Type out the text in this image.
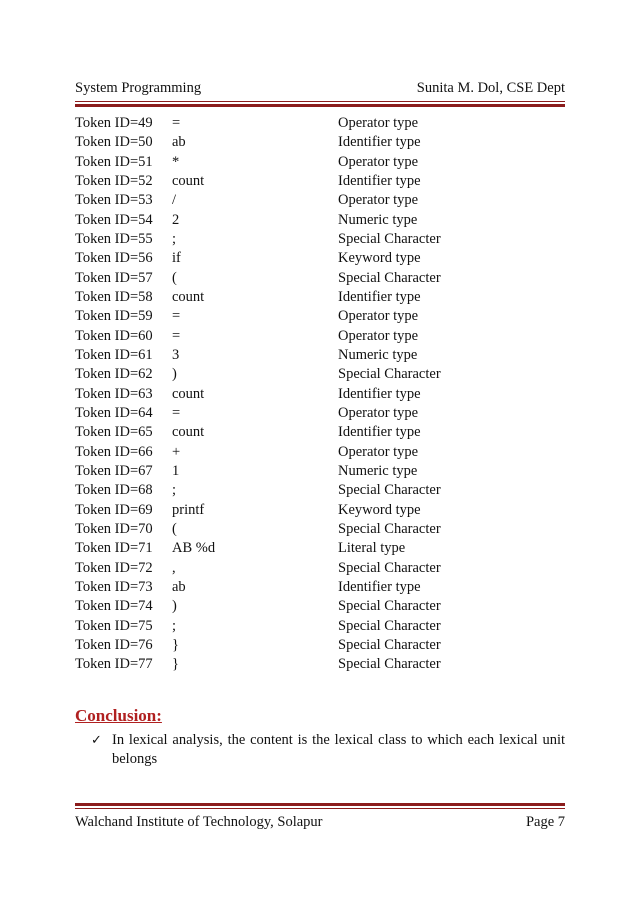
System Programming	Sunita M. Dol, CSE Dept
Token ID=49 =	Operator type
Token ID=50 ab	Identifier type
Token ID=51 *	Operator type
Token ID=52 count	Identifier type
Token ID=53 /	Operator type
Token ID=54 2	Numeric type
Token ID=55 ;	Special Character
Token ID=56 if	Keyword type
Token ID=57 (	Special Character
Token ID=58 count	Identifier type
Token ID=59 =	Operator type
Token ID=60 =	Operator type
Token ID=61 3	Numeric type
Token ID=62 )	Special Character
Token ID=63 count	Identifier type
Token ID=64 =	Operator type
Token ID=65 count	Identifier type
Token ID=66 +	Operator type
Token ID=67 1	Numeric type
Token ID=68 ;	Special Character
Token ID=69 printf	Keyword type
Token ID=70 (	Special Character
Token ID=71 AB %d	Literal type
Token ID=72 ,	Special Character
Token ID=73 ab	Identifier type
Token ID=74 )	Special Character
Token ID=75 ;	Special Character
Token ID=76 }	Special Character
Token ID=77 }	Special Character
Conclusion:
✓ In lexical analysis, the content is the lexical class to which each lexical unit belongs
Walchand Institute of Technology, Solapur	Page 7
